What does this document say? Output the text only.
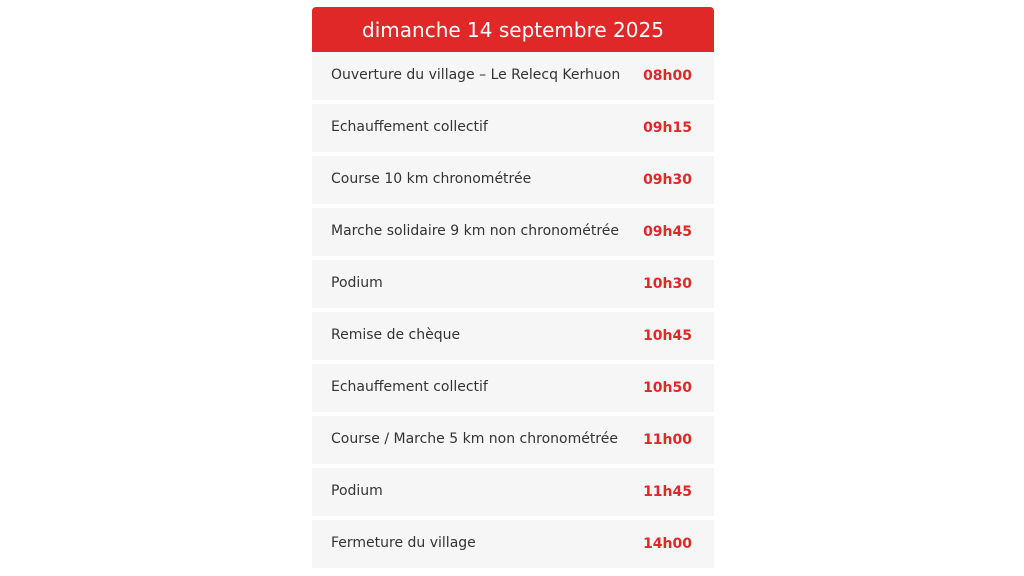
dimanche 14 septembre 2025
Ouverture du village – Le Relecq Kerhuon 08h00
Echauffement collectif	09h15
Course 10 km chronométrée	09h30
Marche solidaire 9 km non chronométrée 09h45
Podium	10h30
Remise de chèque	10h45
Echauffement collectif	10h50
Course / Marche 5 km non chronométrée 11h00
Podium	11h45
Fermeture du village	14h00
